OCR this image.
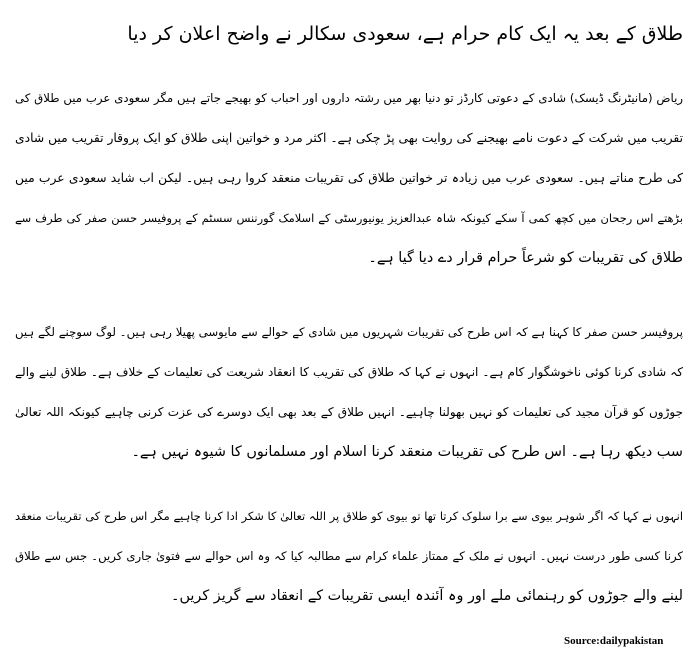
طلاق کے بعد یہ ایک کام حرام ہے، سعودی سکالر نے واضح اعلان کر دیا
ریاض (مانیٹرنگ ڈیسک) شادی کے دعوتی کارڈز تو دنیا بھر میں رشتہ داروں اور احباب کو بھیجے جاتے ہیں مگر سعودی عرب میں طلاق کی
تقریب میں شرکت کے دعوت نامے بھیجنے کی روایت بھی پڑ چکی ہے۔ اکثر مرد و خواتین اپنی طلاق کو ایک پروقار تقریب میں شادی
کی طرح مناتے ہیں۔ سعودی عرب میں زیادہ تر خواتین طلاق کی تقریبات منعقد کروا رہی ہیں۔ لیکن اب شاید سعودی عرب میں
بڑھتے اس رجحان میں کچھ کمی آ سکے کیونکہ شاہ عبدالعزیز یونیورسٹی کے اسلامک گورننس سسٹم کے پروفیسر حسن صفر کی طرف سے
طلاق کی تقریبات کو شرعاً حرام قرار دے دیا گیا ہے۔
پروفیسر حسن صفر کا کہنا ہے کہ اس طرح کی تقریبات شہریوں میں شادی کے حوالے سے مایوسی پھیلا رہی ہیں۔ لوگ سوچنے لگے ہیں
کہ شادی کرنا کوئی ناخوشگوار کام ہے۔ انہوں نے کہا کہ طلاق کی تقریب کا انعقاد شریعت کی تعلیمات کے خلاف ہے۔ طلاق لینے والے
جوڑوں کو قرآن مجید کی تعلیمات کو نہیں بھولنا چاہیے۔ انہیں طلاق کے بعد بھی ایک دوسرے کی عزت کرنی چاہیے کیونکہ اللہ تعالیٰ
سب دیکھ رہا ہے۔ اس طرح کی تقریبات منعقد کرنا اسلام اور مسلمانوں کا شیوہ نہیں ہے۔
انہوں نے کہا کہ اگر شوہر بیوی سے برا سلوک کرتا تھا تو بیوی کو طلاق پر اللہ تعالیٰ کا شکر ادا کرنا چاہیے مگر اس طرح کی تقریبات منعقد
کرنا کسی طور درست نہیں۔ انہوں نے ملک کے ممتاز علماء کرام سے مطالبہ کیا کہ وہ اس حوالے سے فتویٰ جاری کریں۔ جس سے طلاق
لینے والے جوڑوں کو رہنمائی ملے اور وہ آئندہ ایسی تقریبات کے انعقاد سے گریز کریں۔
Source:dailypakistan
